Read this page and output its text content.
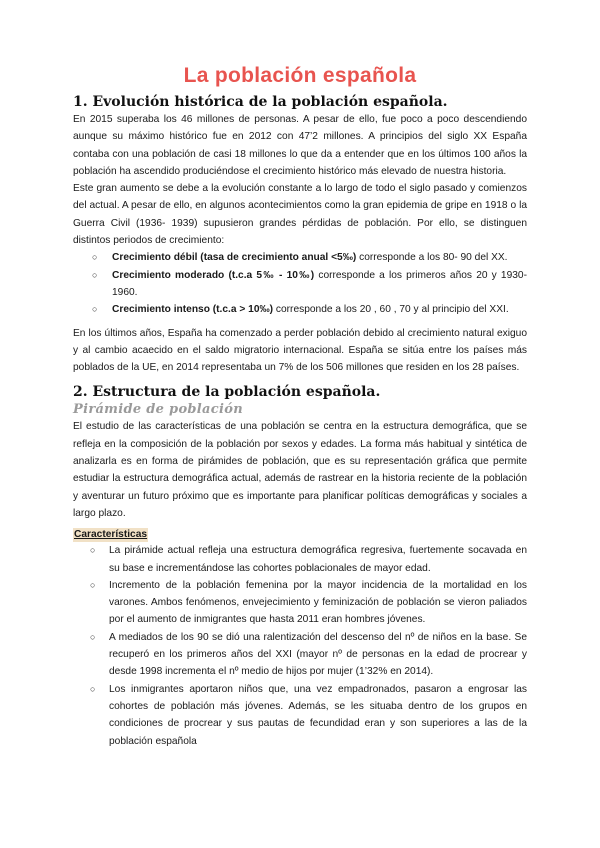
La población española
1. Evolución histórica de la población española.

En 2015 superaba los 46 millones de personas. A pesar de ello, fue poco a poco descendiendo aunque su máximo histórico fue en 2012 con 47’2 millones. A principios del siglo XX España contaba con una población de casi 18 millones lo que da a entender que en los últimos 100 años la población ha ascendido produciéndose el crecimiento histórico más elevado de nuestra historia.

Este gran aumento se debe a la evolución constante a lo largo de todo el siglo pasado y comienzos del actual. A pesar de ello, en algunos acontecimientos como la gran epidemia de gripe en 1918 o la Guerra Civil (1936- 1939) supusieron grandes pérdidas de población. Por ello, se distinguen distintos periodos de crecimiento:

○ Crecimiento débil (tasa de crecimiento anual <5‰) corresponde a los 80- 90 del XX.
○ Crecimiento moderado (t.c.a 5‰ - 10‰) corresponde a los primeros años 20 y 1930-1960.
○ Crecimiento intenso (t.c.a > 10‰) corresponde a los 20 , 60 , 70 y al principio del XXI.

En los últimos años, España ha comenzado a perder población debido al crecimiento natural exiguo y al cambio acaecido en el saldo migratorio internacional. España se sitúa entre los países más poblados de la UE, en 2014 representaba un 7% de los 506 millones que residen en los 28 países.

2. Estructura de la población española.
Pirámide de población

El estudio de las características de una población se centra en la estructura demográfica, que se refleja en la composición de la población por sexos y edades. La forma más habitual y sintética de analizarla es en forma de pirámides de población, que es su representación gráfica que permite estudiar la estructura demográfica actual, además de rastrear en la historia reciente de la población y aventurar un futuro próximo que es importante para planificar políticas demográficas y sociales a largo plazo.

Características
○ La pirámide actual refleja una estructura demográfica regresiva, fuertemente socavada en su base e incrementándose las cohortes poblacionales de mayor edad.
○ Incremento de la población femenina por la mayor incidencia de la mortalidad en los varones. Ambos fenómenos, envejecimiento y feminización de población se vieron paliados por el aumento de inmigrantes que hasta 2011 eran hombres jóvenes.
○ A mediados de los 90 se dió una ralentización del descenso del nº de niños en la base. Se recuperó en los primeros años del XXI (mayor nº de personas en la edad de procrear y desde 1998 incrementa el nº medio de hijos por mujer (1’32% en 2014).
○ Los inmigrantes aportaron niños que, una vez empadronados, pasaron a engrosar las cohortes de población más jóvenes. Además, se les situaba dentro de los grupos en condiciones de procrear y sus pautas de fecundidad eran y son superiores a las de la población española
